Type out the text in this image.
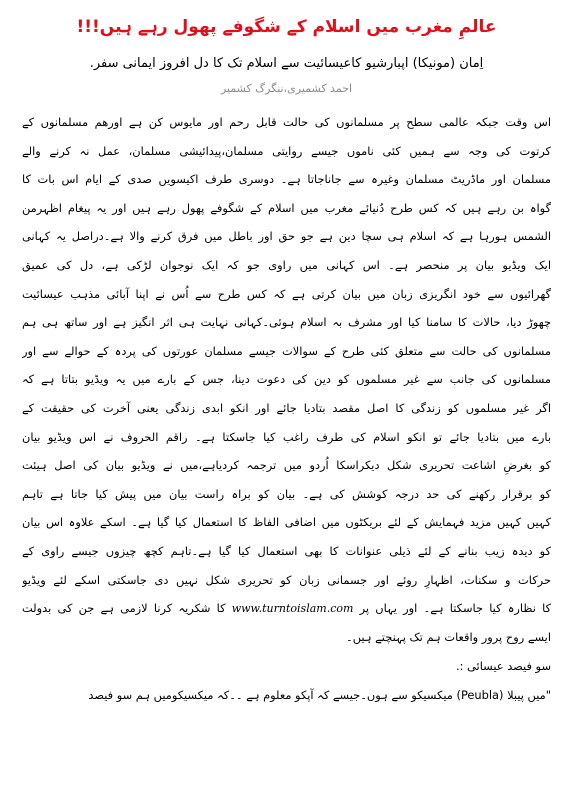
عالمِ مغرب میں اسلام کے شگوفے پھول رہے ہیں!!!
اِمان (مونیکا) اپبارشیو کاعیسائیت سے اسلام تک کا دل افروز ایمانی سفر.
احمد کشمیری،ننگرگ کشمیر
اس وقت جبکہ عالمی سطح پر مسلمانوں کی حالت قابل رحم اور مایوس کن ہے اورھم مسلمانوں کے
کرتوت کی وجہ سے ہمیں کئی ناموں جیسے روایتی مسلمان،پیدائیشی مسلمان، عمل نہ کرنے والے
مسلمان اور ماڈریٹ مسلمان وغیرہ سے جاناجاتا ہے۔ دوسری طرف اکیسویں صدی کے ایام اس بات کا
گواہ بن رہے ہیں کہ کس طرح دُنیائے مغرب میں اسلام کے شگوفے پھول رہے ہیں اور یہ پیغام اظہرمن
الشمس ہورہا ہے کہ اسلام ہی سچا دین ہے جو حق اور باطل میں فرق کرنے والا ہے۔دراصل یہ کہانی
ایک ویڈیو بیان پر منحصر ہے۔ اس کہانی میں راوی جو کہ ایک نوجوان لڑکی ہے، دل کی عمیق
گھرائیوں سے خود انگریزی زبان میں بیان کرتی ہے کہ کس طرح سے اُس نے اپنا آبائی مذہب عیسائیت
چھوڑ دیا، حالات کا سامنا کیا اور مشرف بہ اسلام ہوئی۔کہانی نہایت ہی اثر انگیز ہے اور ساتھ ہی ہم
مسلمانوں کی حالت سے متعلق کئی طرح کے سوالات جیسے مسلمان عورتوں کی پردہ کے حوالے سے اور
مسلمانوں کی جانب سے غیر مسلموں کو دین کی دعوت دینا، جس کے بارے میں یہ ویڈیو بتاتا ہے کہ
اگر غیر مسلموں کو زندگی کا اصل مقصد بتادیا جائے اور انکو ابدی زندگی یعنی آخرت کی حقیقت کے
بارے میں بتادیا جائے تو انکو اسلام کی طرف راغب کیا جاسکتا ہے۔ راقم الحروف نے اس ویڈیو بیان
کو بغرضِ اشاعت تحریری شکل دیکراسکا اُردو میں ترجمہ کردیاہے،میں نے ویڈیو بیان کی اصل ہیئت
کو برقرار رکھنے کی حد درجہ کوشش کی ہے۔ بیان کو براہ راست بیان میں پیش کیا جاتا ہے تاہم
کہیں کہیں مزید فہمایش کے لئے بریکٹوں میں اضافی الفاظ کا استعمال کیا گیا ہے۔ اسکے علاوہ اس بیان
کو دیدہ زیب بنانے کے لئے ذیلی عنوانات کا بھی استعمال کیا گیا ہے۔تاہم کچھ چیزوں جیسے راوی کے
حرکات و سکنات، اظہارِ روئے اور جسمانی زبان کو تحریری شکل نہیں دی جاسکتی اسکے لئے ویڈیو
کا نظارہ کیا جاسکتا ہے۔ اور یہاں پر www.turntoislam.com کا شکریہ کرنا لازمی ہے جن کی بدولت
ایسے روح پرور واقعات ہم تک پہنچتے ہیں۔
سو فیصد عیسائی :.
"میں پیبلا (Peubla) میکسیکو سے ہوں۔جیسے کہ آپکو معلوم ہے ۔۔کہ میکسیکومیں ہم سو فیصد
